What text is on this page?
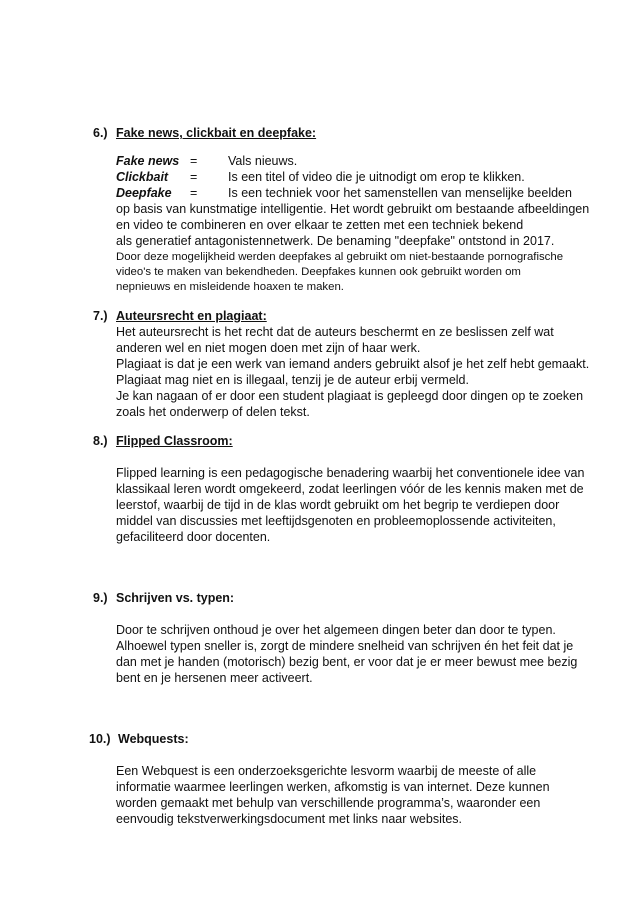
6.) Fake news, clickbait en deepfake:
Fake news = Vals nieuws.
Clickbait = Is een titel of video die je uitnodigt om erop te klikken.
Deepfake = Is een techniek voor het samenstellen van menselijke beelden
op basis van kunstmatige intelligentie. Het wordt gebruikt om bestaande afbeeldingen
en video te combineren en over elkaar te zetten met een techniek bekend
als generatief antagonistennetwerk. De benaming "deepfake" ontstond in 2017.
Door deze mogelijkheid werden deepfakes al gebruikt om niet-bestaande pornografische
video's te maken van bekendheden. Deepfakes kunnen ook gebruikt worden om
nepnieuws en misleidende hoaxen te maken.
7.) Auteursrecht en plagiaat:
Het auteursrecht is het recht dat de auteurs beschermt en ze beslissen zelf wat
anderen wel en niet mogen doen met zijn of haar werk.
Plagiaat is dat je een werk van iemand anders gebruikt alsof je het zelf hebt gemaakt.
Plagiaat mag niet en is illegaal, tenzij je de auteur erbij vermeld.
Je kan nagaan of er door een student plagiaat is gepleegd door dingen op te zoeken
zoals het onderwerp of delen tekst.
8.) Flipped Classroom:
Flipped learning is een pedagogische benadering waarbij het conventionele idee van
klassikaal leren wordt omgekeerd, zodat leerlingen vóór de les kennis maken met de
leerstof, waarbij de tijd in de klas wordt gebruikt om het begrip te verdiepen door
middel van discussies met leeftijdsgenoten en probleemoplossende activiteiten,
gefaciliteerd door docenten.
9.) Schrijven vs. typen:
Door te schrijven onthoud je over het algemeen dingen beter dan door te typen.
Alhoewel typen sneller is, zorgt de mindere snelheid van schrijven én het feit dat je
dan met je handen (motorisch) bezig bent, er voor dat je er meer bewust mee bezig
bent en je hersenen meer activeert.
10.) Webquests:
Een Webquest is een onderzoeksgerichte lesvorm waarbij de meeste of alle
informatie waarmee leerlingen werken, afkomstig is van internet. Deze kunnen
worden gemaakt met behulp van verschillende programma’s, waaronder een
eenvoudig tekstverwerkingsdocument met links naar websites.
